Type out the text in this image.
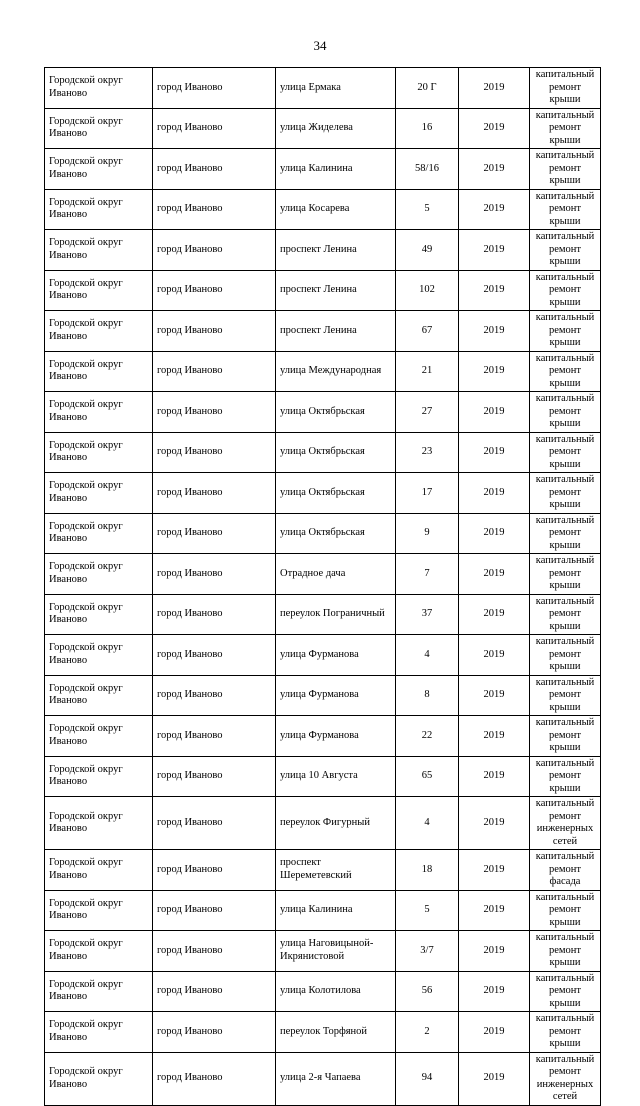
34
Городской округ Иваново	город Иваново	улица Ермака	20 Г	2019	капитальный ремонт крыши
Городской округ Иваново	город Иваново	улица Жиделева	16	2019	капитальный ремонт крыши
Городской округ Иваново	город Иваново	улица Калинина	58/16	2019	капитальный ремонт крыши
Городской округ Иваново	город Иваново	улица Косарева	5	2019	капитальный ремонт крыши
Городской округ Иваново	город Иваново	проспект Ленина	49	2019	капитальный ремонт крыши
Городской округ Иваново	город Иваново	проспект Ленина	102	2019	капитальный ремонт крыши
Городской округ Иваново	город Иваново	проспект Ленина	67	2019	капитальный ремонт крыши
Городской округ Иваново	город Иваново	улица Международная	21	2019	капитальный ремонт крыши
Городской округ Иваново	город Иваново	улица Октябрьская	27	2019	капитальный ремонт крыши
Городской округ Иваново	город Иваново	улица Октябрьская	23	2019	капитальный ремонт крыши
Городской округ Иваново	город Иваново	улица Октябрьская	17	2019	капитальный ремонт крыши
Городской округ Иваново	город Иваново	улица Октябрьская	9	2019	капитальный ремонт крыши
Городской округ Иваново	город Иваново	Отрадное дача	7	2019	капитальный ремонт крыши
Городской округ Иваново	город Иваново	переулок Пограничный	37	2019	капитальный ремонт крыши
Городской округ Иваново	город Иваново	улица Фурманова	4	2019	капитальный ремонт крыши
Городской округ Иваново	город Иваново	улица Фурманова	8	2019	капитальный ремонт крыши
Городской округ Иваново	город Иваново	улица Фурманова	22	2019	капитальный ремонт крыши
Городской округ Иваново	город Иваново	улица 10 Августа	65	2019	капитальный ремонт крыши
Городской округ Иваново	город Иваново	переулок Фигурный	4	2019	капитальный ремонт инженерных сетей
Городской округ Иваново	город Иваново	проспект Шереметевский	18	2019	капитальный ремонт фасада
Городской округ Иваново	город Иваново	улица Калинина	5	2019	капитальный ремонт крыши
Городской округ Иваново	город Иваново	улица Наговицыной-Икрянистовой	3/7	2019	капитальный ремонт крыши
Городской округ Иваново	город Иваново	улица Колотилова	56	2019	капитальный ремонт крыши
Городской округ Иваново	город Иваново	переулок Торфяной	2	2019	капитальный ремонт крыши
Городской округ Иваново	город Иваново	улица 2-я Чапаева	94	2019	капитальный ремонт инженерных сетей
